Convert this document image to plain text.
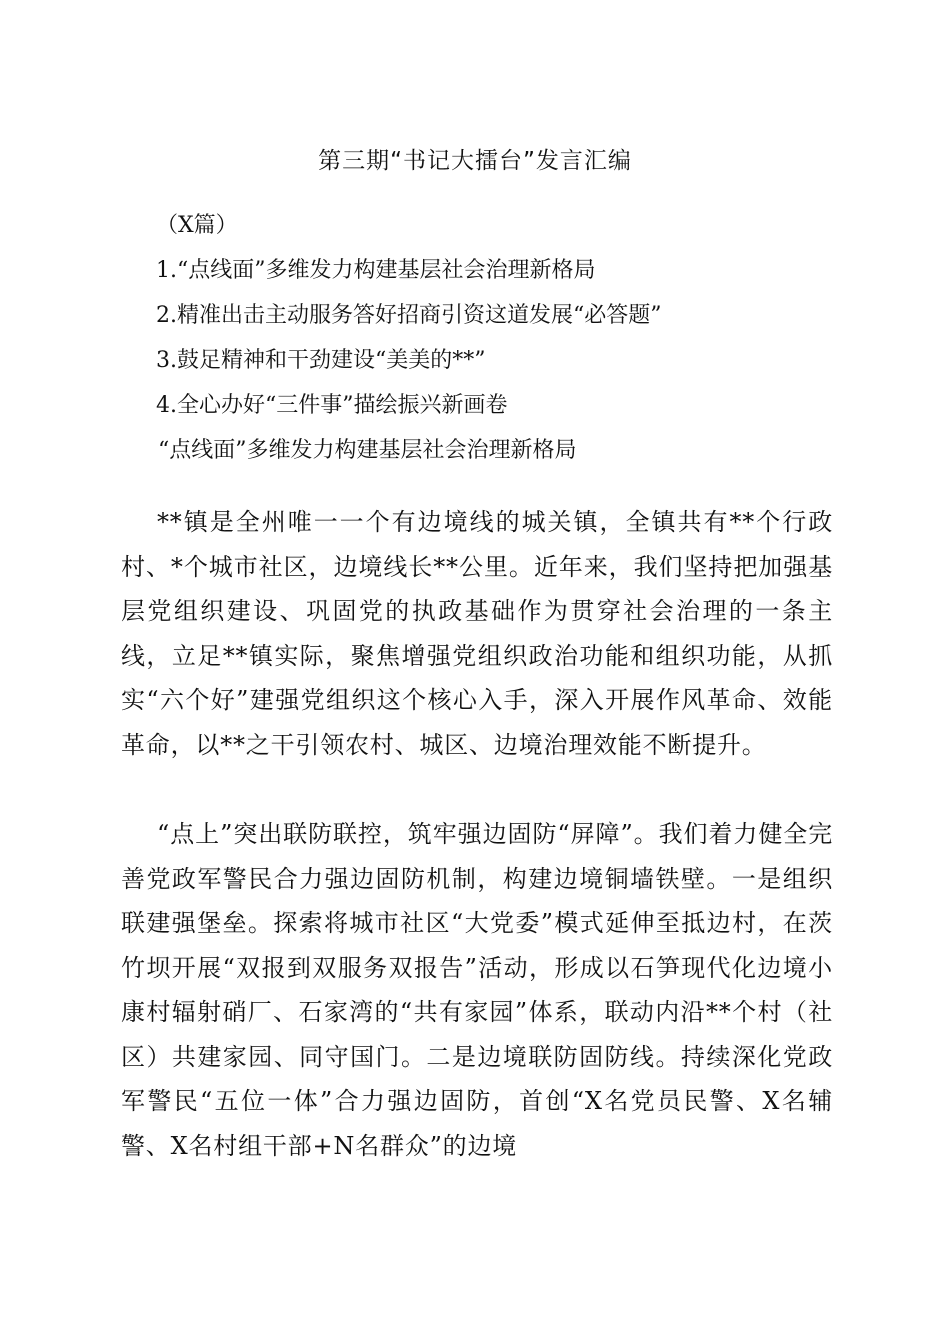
第三期“书记大擂台”发言汇编
（X篇）
1.“点线面”多维发力构建基层社会治理新格局
2.精准出击主动服务答好招商引资这道发展“必答题”
3.鼓足精神和干劲建设“美美的**”
4.全心办好“三件事”描绘振兴新画卷
“点线面”多维发力构建基层社会治理新格局
**镇是全州唯一一个有边境线的城关镇，全镇共有**个行政村、*个城市社区，边境线长**公里。近年来，我们坚持把加强基层党组织建设、巩固党的执政基础作为贯穿社会治理的一条主线，立足**镇实际，聚焦增强党组织政治功能和组织功能，从抓实“六个好”建强党组织这个核心入手，深入开展作风革命、效能革命，以**之干引领农村、城区、边境治理效能不断提升。
“点上”突出联防联控，筑牢强边固防“屏障”。我们着力健全完善党政军警民合力强边固防机制，构建边境铜墙铁壁。一是组织联建强堡垒。探索将城市社区“大党委”模式延伸至抵边村，在茨竹坝开展“双报到双服务双报告”活动，形成以石笋现代化边境小康村辐射硝厂、石家湾的“共有家园”体系，联动内沿**个村（社区）共建家园、同守国门。二是边境联防固防线。持续深化党政军警民“五位一体”合力强边固防，首创“X名党员民警、X名辅警、X名村组干部+N名群众”的边境
